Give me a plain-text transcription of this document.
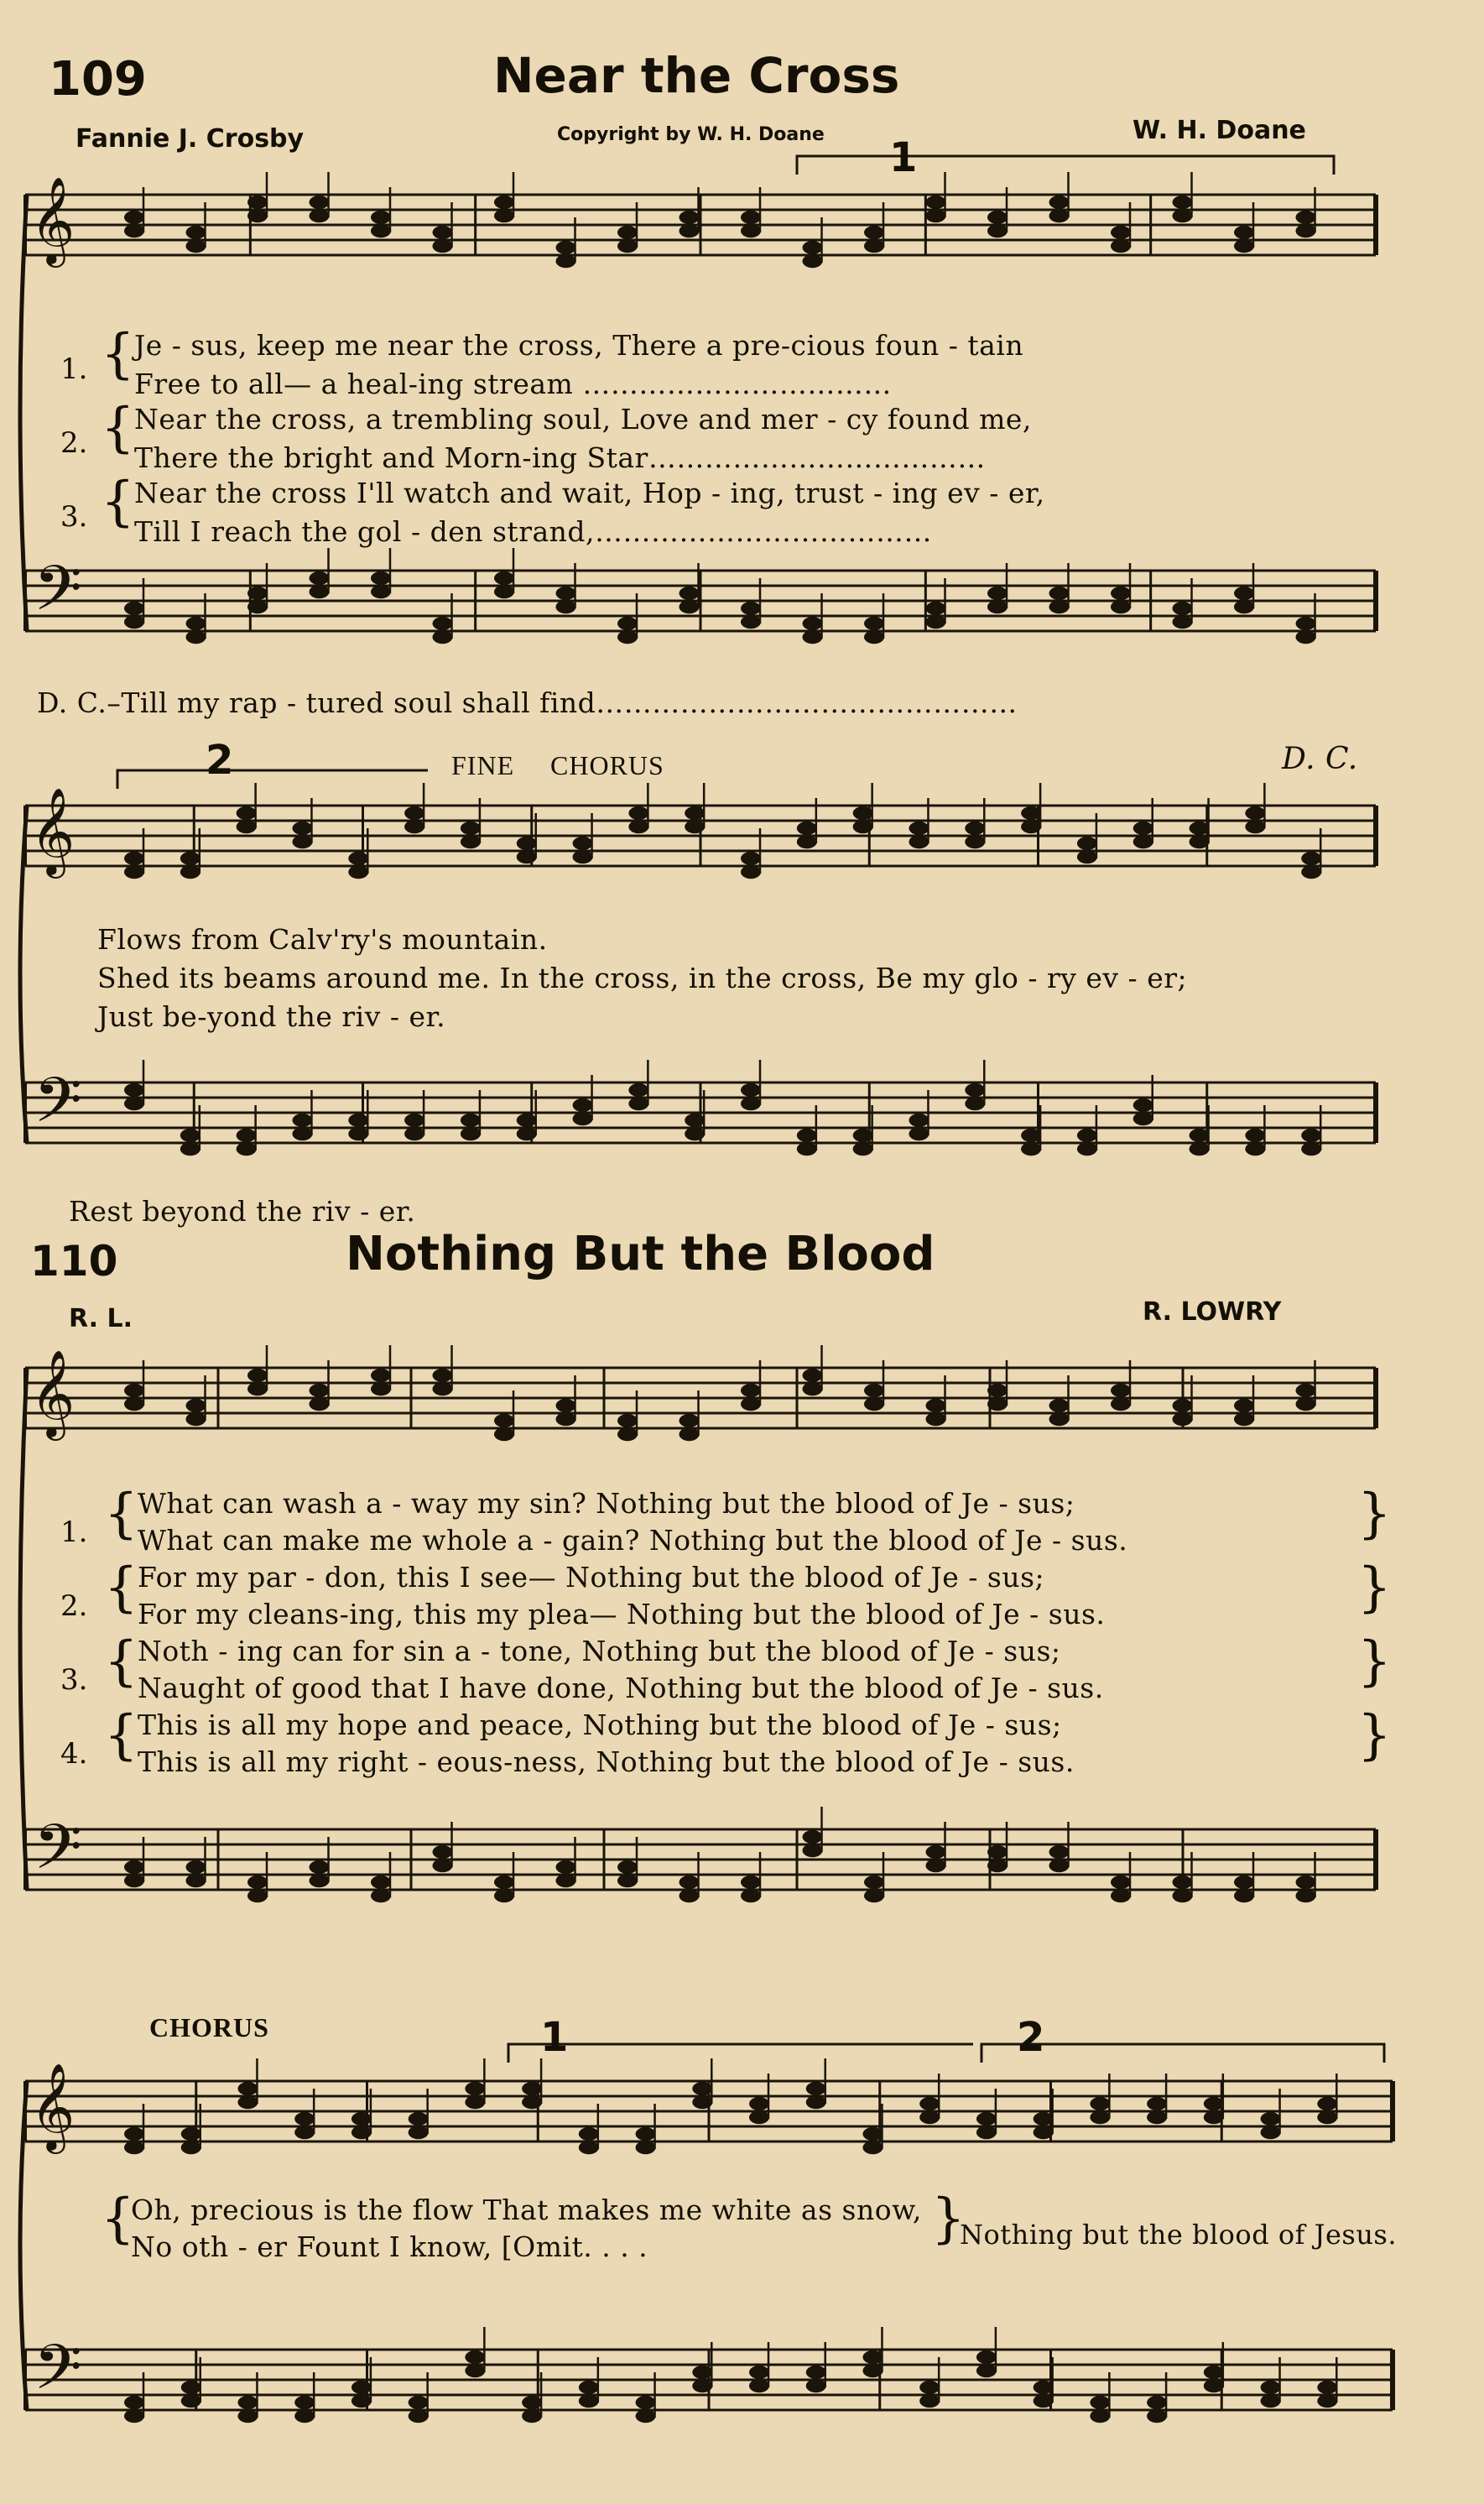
𝄞
𝄢
𝄞
𝄢
𝄞
𝄢
𝄞
𝄢
109	Near the Cross
Fannie J. Crosby	Copyright by W. H. Doane	W. H. Doane
1
1. { Je - sus, keep me near the cross, There a pre-cious foun - tain
Free to all— a heal-ing stream ……………………………
2. { Near the cross, a trembling soul, Love and mer - cy found me,
There the bright and Morn-ing Star………………………………
3. { Near the cross I'll watch and wait, Hop - ing, trust - ing ev - er,
Till I reach the gol - den strand,………………………………
D. C.–Till my rap - tured soul shall find………………………………………
2	FINE CHORUS	D. C.
Flows from Calv'ry's mountain.
Shed its beams around me. In the cross, in the cross, Be my glo - ry ev - er;
Just be-yond the riv - er.
Rest beyond the riv - er.
110	Nothing But the Blood
R. L.	R. LOWRY
1. { What can wash a - way my sin? Nothing but the blood of Je - sus;
What can make me whole a - gain? Nothing but the blood of Je - sus.	}
2. { For my par - don, this I see— Nothing but the blood of Je - sus;
For my cleans-ing, this my plea— Nothing but the blood of Je - sus.	}
3. { Noth - ing can for sin a - tone, Nothing but the blood of Je - sus;
Naught of good that I have done, Nothing but the blood of Je - sus.	}
4. { This is all my hope and peace, Nothing but the blood of Je - sus;
This is all my right - eous-ness, Nothing but the blood of Je - sus.	}
CHORUS	1	2
{
Oh, precious is the flow That makes me white as snow,
No oth - er Fount I know, [Omit. . . .	}
Nothing but the blood of Jesus.
